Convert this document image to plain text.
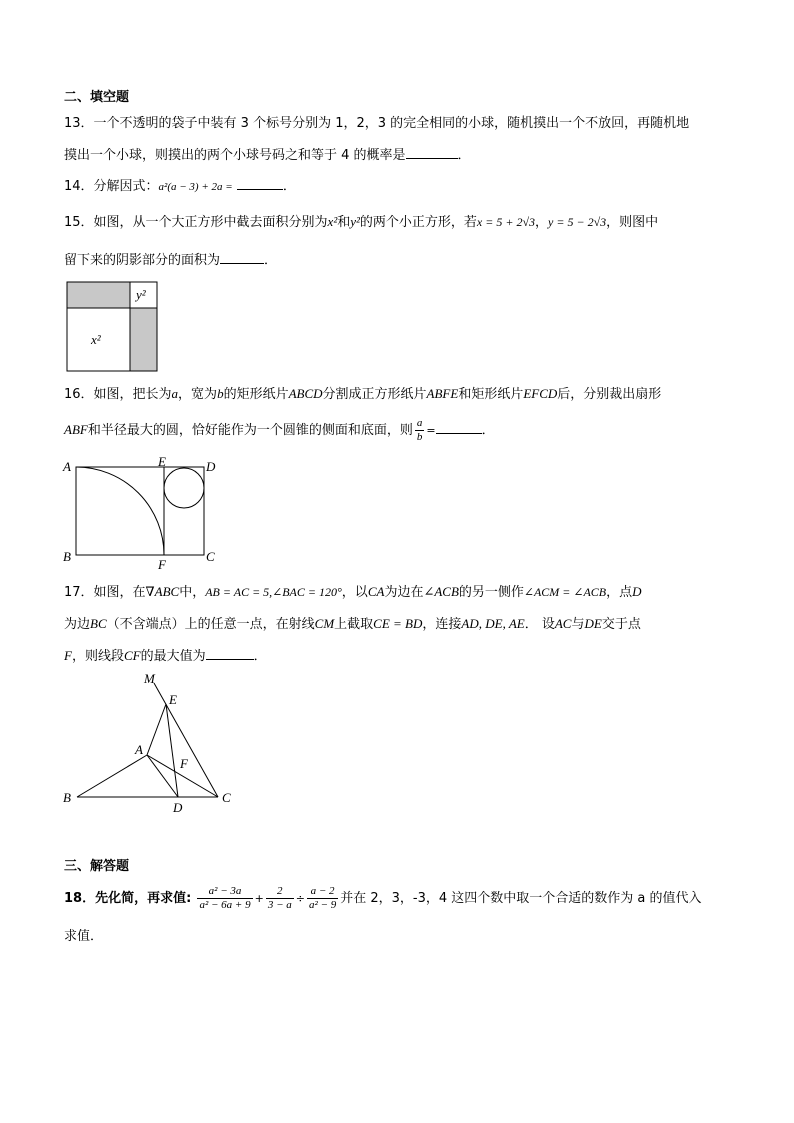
二、填空题
13．一个不透明的袋子中装有 3 个标号分别为 1，2，3 的完全相同的小球，随机摸出一个不放回，再随机地
摸出一个小球，则摸出的两个小球号码之和等于 4 的概率是	．
14．分解因式：a²(a − 3) + 2a =	．
15．如图，从一个大正方形中截去面积分别为x²和y²的两个小正方形，若x = 5 + 2√3，y = 5 − 2√3，则图中
留下来的阴影部分的面积为	．
y²
x²
16．如图，把长为a，宽为b的矩形纸片ABCD分割成正方形纸片ABFE和矩形纸片EFCD后，分别裁出扇形
ABF和半径最大的圆，恰好能作为一个圆锥的侧面和底面，则 $\frac{a}{b}$ =	．
A	E	D
B
F
C
17．如图，在∇ABC中，AB = AC = 5,∠BAC = 120°，以CA为边在∠ACB的另一侧作∠ACM = ∠ACB，点D
为边BC（不含端点）上的任意一点，在射线CM上截取CE = BD，连接AD, DE, AE． 设AC与DE交于点
F，则线段CF的最大值为	．
M
E
A
F
B
D
C
三、解答题
18．先化简，再求值: $\frac{\text{a² − 3a}}{\text{a² − 6a + 9}} + \frac{2}{3 - a} \div \frac{a - 2}{\text{a² − 9}}$ 并在 2，3，-3，4 这四个数中取一个合适的数作为 a 的值代入
求值．
